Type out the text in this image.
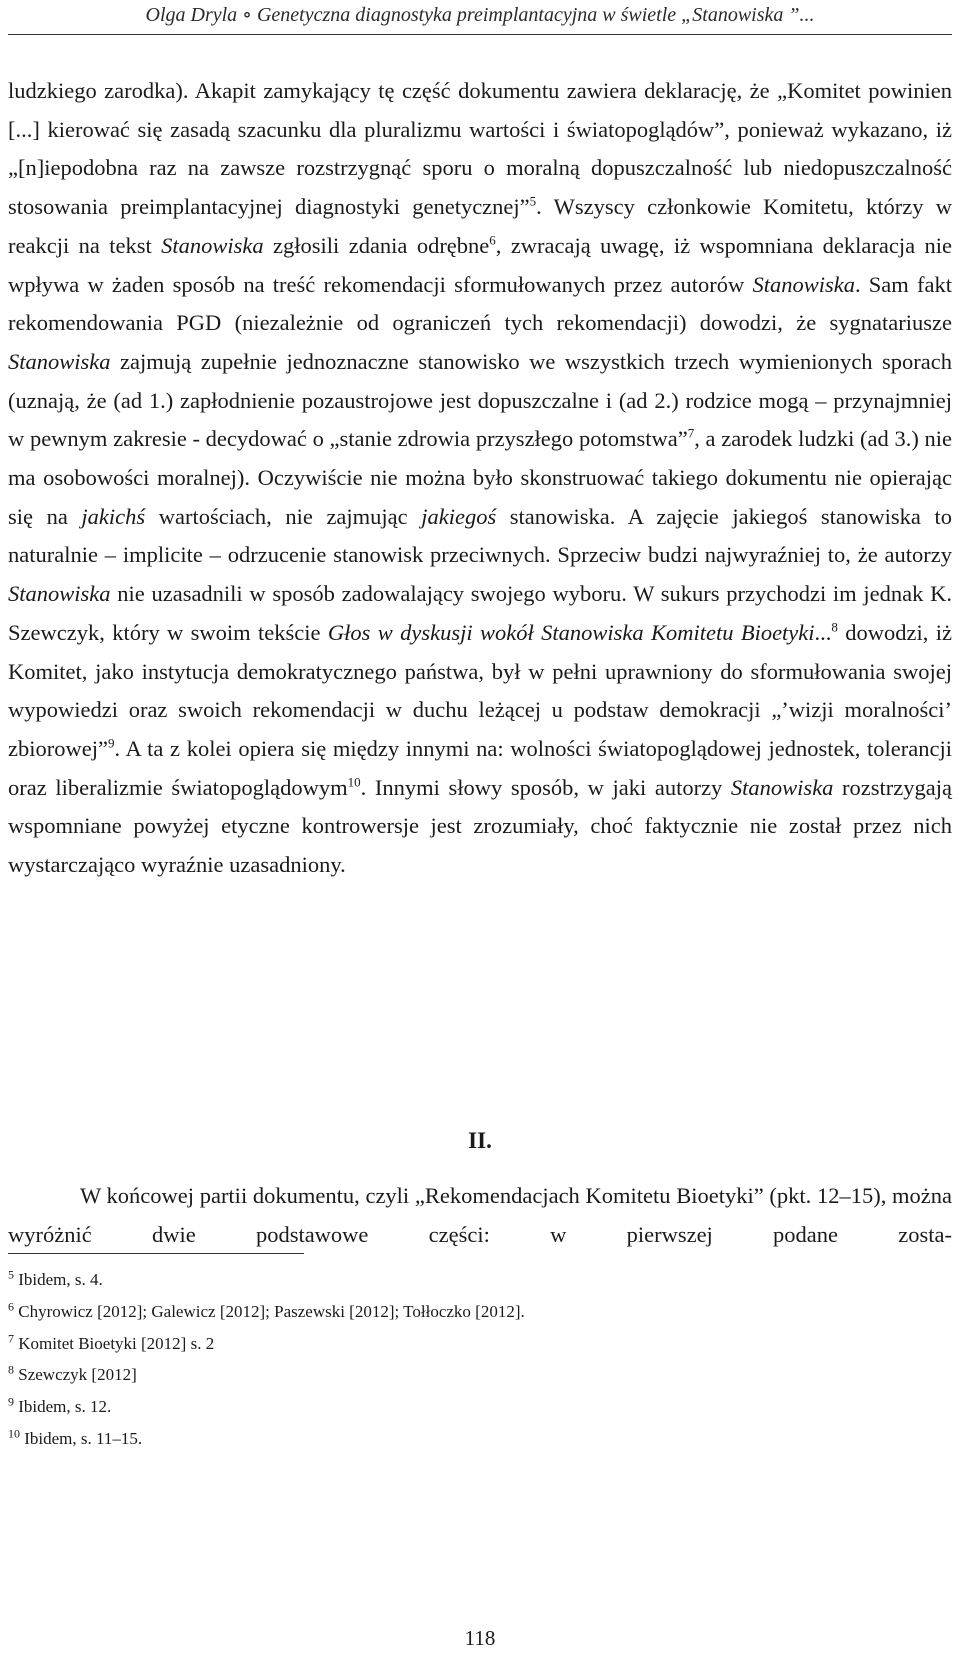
Olga Dryla ∘ Genetyczna diagnostyka preimplantacyjna w świetle „Stanowiska ”...

ludzkiego zarodka). Akapit zamykający tę część dokumentu zawiera deklarację, że „Komitet powinien [...] kierować się zasadą szacunku dla pluralizmu wartości i światopoglądów”, ponieważ wykazano, iż „[n]iepodobna raz na zawsze rozstrzygnąć sporu o moralną dopuszczalność lub niedopuszczalność stosowania preimplantacyjnej diagnostyki genetycznej”$^5$. Wszyscy członkowie Komitetu, którzy w reakcji na tekst Stanowiska zgłosili zdania odrębne$^6$, zwracają uwagę, iż wspomniana deklaracja nie wpływa w żaden sposób na treść rekomendacji sformułowanych przez autorów Stanowiska. Sam fakt rekomendowania PGD (niezależnie od ograniczeń tych rekomendacji) dowodzi, że sygnatariusze Stanowiska zajmują zupełnie jednoznaczne stanowisko we wszystkich trzech wymienionych sporach (uznają, że (ad 1.) zapłodnienie pozaustrojowe jest dopuszczalne i (ad 2.) rodzice mogą – przynajmniej w pewnym zakresie - decydować o „stanie zdrowia przyszłego potomstwa”$^7$, a zarodek ludzki (ad 3.) nie ma osobowości moralnej). Oczywiście nie można było skonstruować takiego dokumentu nie opierając się na jakichś wartościach, nie zajmując jakiegoś stanowiska. A zajęcie jakiegoś stanowiska to naturalnie – implicite – odrzucenie stanowisk przeciwnych. Sprzeciw budzi najwyraźniej to, że autorzy Stanowiska nie uzasadnili w sposób zadowalający swojego wyboru. W sukurs przychodzi im jednak K. Szewczyk, który w swoim tekście Głos w dyskusji wokół Stanowiska Komitetu Bioetyki...$^8$ dowodzi, iż Komitet, jako instytucja demokratycznego państwa, był w pełni uprawniony do sformułowania swojej wypowiedzi oraz swoich rekomendacji w duchu leżącej u podstaw demokracji „’wizji moralności’ zbiorowej”$^9$. A ta z kolei opiera się między innymi na: wolności światopoglądowej jednostek, tolerancji oraz liberalizmie światopoglądowym$^{10}$. Innymi słowy sposób, w jaki autorzy Stanowiska rozstrzygają wspomniane powyżej etyczne kontrowersje jest zrozumiały, choć faktycznie nie został przez nich wystarczająco wyraźnie uzasadniony.

II.

W końcowej partii dokumentu, czyli „Rekomendacjach Komitetu Bioetyki” (pkt. 12–15), można wyróżnić dwie podstawowe części: w pierwszej podane zosta-

$^5$ Ibidem, s. 4.

$^6$ Chyrowicz [2012]; Galewicz [2012]; Paszewski [2012]; Tołłoczko [2012].

$^7$ Komitet Bioetyki [2012] s. 2

$^8$ Szewczyk [2012]

$^9$ Ibidem, s. 12.

$^{10}$ Ibidem, s. 11–15.

118
